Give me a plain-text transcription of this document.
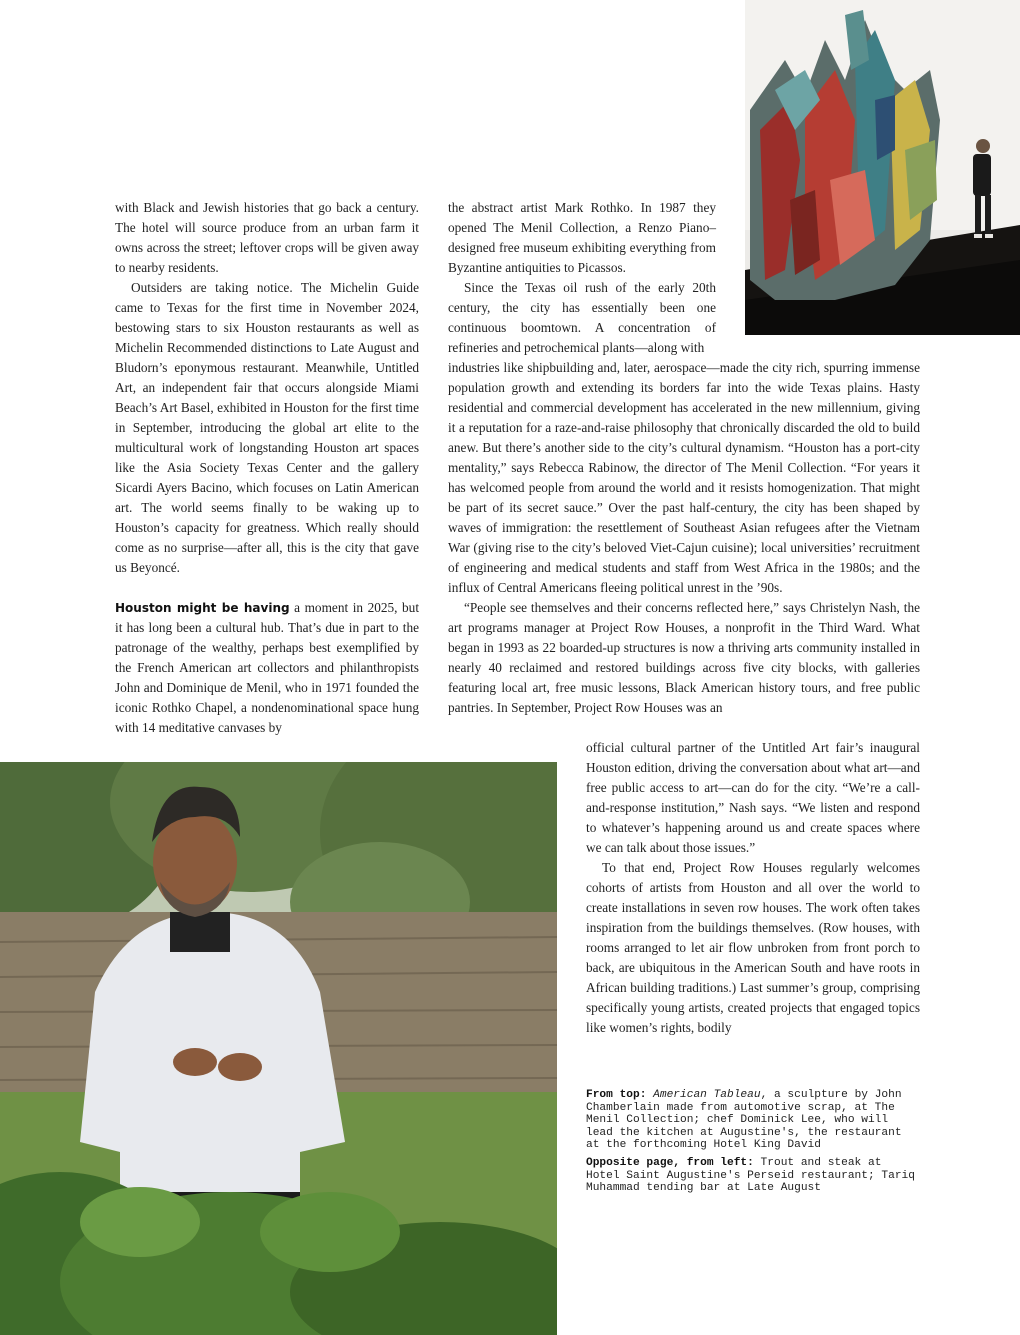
with Black and Jewish histories that go back a century. The hotel will source produce from an urban farm it owns across the street; leftover crops will be given away to nearby residents.

Outsiders are taking notice. The Michelin Guide came to Texas for the first time in November 2024, bestowing stars to six Houston restaurants as well as Michelin Recommended distinctions to Late August and Bludorn’s eponymous restaurant. Meanwhile, Untitled Art, an independent fair that occurs alongside Miami Beach’s Art Basel, exhibited in Houston for the first time in September, introducing the global art elite to the multicultural work of longstanding Houston art spaces like the Asia Society Texas Center and the gallery Sicardi Ayers Bacino, which focuses on Latin American art. The world seems finally to be waking up to Houston’s capacity for greatness. Which really should come as no surprise—after all, this is the city that gave us Beyoncé.

Houston might be having a moment in 2025, but it has long been a cultural hub. That’s due in part to the patronage of the wealthy, perhaps best exemplified by the French American art collectors and philanthropists John and Dominique de Menil, who in 1971 founded the iconic Rothko Chapel, a nondenominational space hung with 14 meditative canvases by

the abstract artist Mark Rothko. In 1987 they opened The Menil Collection, a Renzo Piano–designed free museum exhibiting everything from Byzantine antiquities to Picassos.

Since the Texas oil rush of the early 20th century, the city has essentially been one continuous boomtown. A concentration of refineries and petrochemical plants—along with

industries like shipbuilding and, later, aerospace—made the city rich, spurring immense population growth and extending its borders far into the wide Texas plains. Hasty residential and commercial development has accelerated in the new millennium, giving it a reputation for a raze-and-raise philosophy that chronically discarded the old to build anew. But there’s another side to the city’s cultural dynamism. “Houston has a port-city mentality,” says Rebecca Rabinow, the director of The Menil Collection. “For years it has welcomed people from around the world and it resists homogenization. That might be part of its secret sauce.” Over the past half-century, the city has been shaped by waves of immigration: the resettlement of Southeast Asian refugees after the Vietnam War (giving rise to the city’s beloved Viet-Cajun cuisine); local universities’ recruitment of engineering and medical students and staff from West Africa in the 1980s; and the influx of Central Americans fleeing political unrest in the ’90s.

“People see themselves and their concerns reflected here,” says Christelyn Nash, the art programs manager at Project Row Houses, a nonprofit in the Third Ward. What began in 1993 as 22 boarded-up structures is now a thriving arts community installed in nearly 40 reclaimed and restored buildings across five city blocks, with galleries featuring local art, free music lessons, Black American history tours, and free public pantries. In September, Project Row Houses was an

official cultural partner of the Untitled Art fair’s inaugural Houston edition, driving the conversation about what art—and free public access to art—can do for the city. “We’re a call-and-response institution,” Nash says. “We listen and respond to whatever’s happening around us and create spaces where we can talk about those issues.”

To that end, Project Row Houses regularly welcomes cohorts of artists from Houston and all over the world to create installations in seven row houses. The work often takes inspiration from the buildings themselves. (Row houses, with rooms arranged to let air flow unbroken from front porch to back, are ubiquitous in the American South and have roots in African building traditions.) Last summer’s group, comprising specifically young artists, created projects that engaged topics like women’s rights, bodily

From top: American Tableau, a sculpture by John Chamberlain made from automotive scrap, at The Menil Collection; chef Dominick Lee, who will lead the kitchen at Augustine's, the restaurant at the forthcoming Hotel King David

Opposite page, from left: Trout and steak at Hotel Saint Augustine's Perseid restaurant; Tariq Muhammad tending bar at Late August
